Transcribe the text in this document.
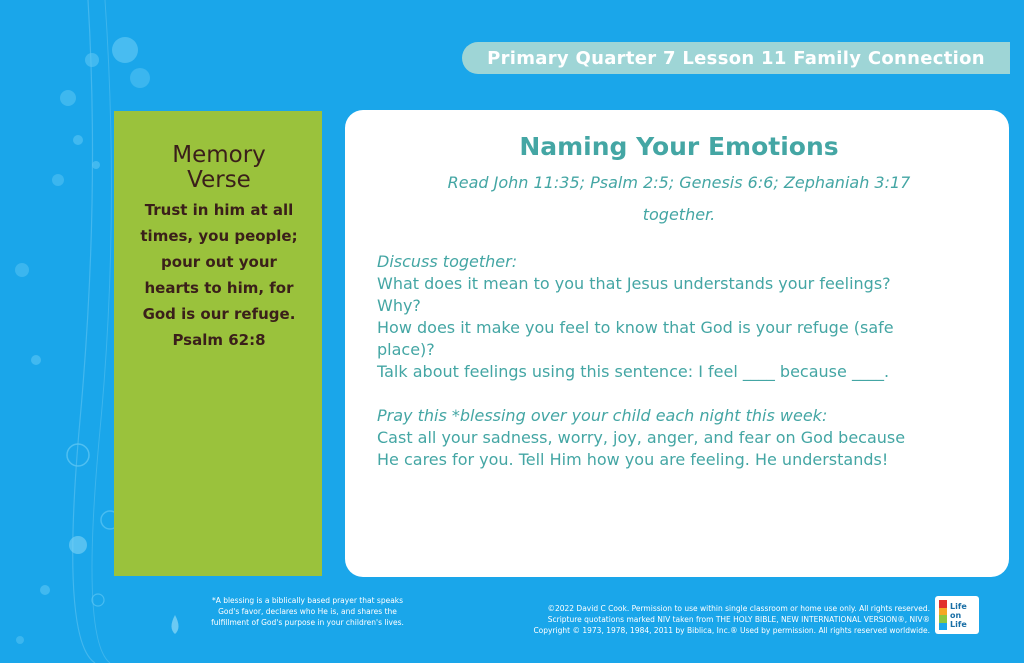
Primary Quarter 7 Lesson 11 Family Connection
Memory
Verse
Trust in him at all
times, you people;
pour out your
hearts to him, for
God is our refuge.
Psalm 62:8
Naming Your Emotions
Read John 11:35; Psalm 2:5; Genesis 6:6; Zephaniah 3:17
together.
Discuss together:
What does it mean to you that Jesus understands your feelings?
Why?
How does it make you feel to know that God is your refuge (safe
place)?
Talk about feelings using this sentence: I feel ____ because ____.
Pray this *blessing over your child each night this week:
Cast all your sadness, worry, joy, anger, and fear on God because
He cares for you. Tell Him how you are feeling. He understands!
*A blessing is a biblically based prayer that speaks
God's favor, declares who He is, and shares the
fulfillment of God's purpose in your children's lives.
©2022 David C Cook. Permission to use within single classroom or home use only. All rights reserved.
Scripture quotations marked NIV taken from THE HOLY BIBLE, NEW INTERNATIONAL VERSION®, NIV®
Copyright © 1973, 1978, 1984, 2011 by Biblica, Inc.® Used by permission. All rights reserved worldwide.
Life
on
Life
